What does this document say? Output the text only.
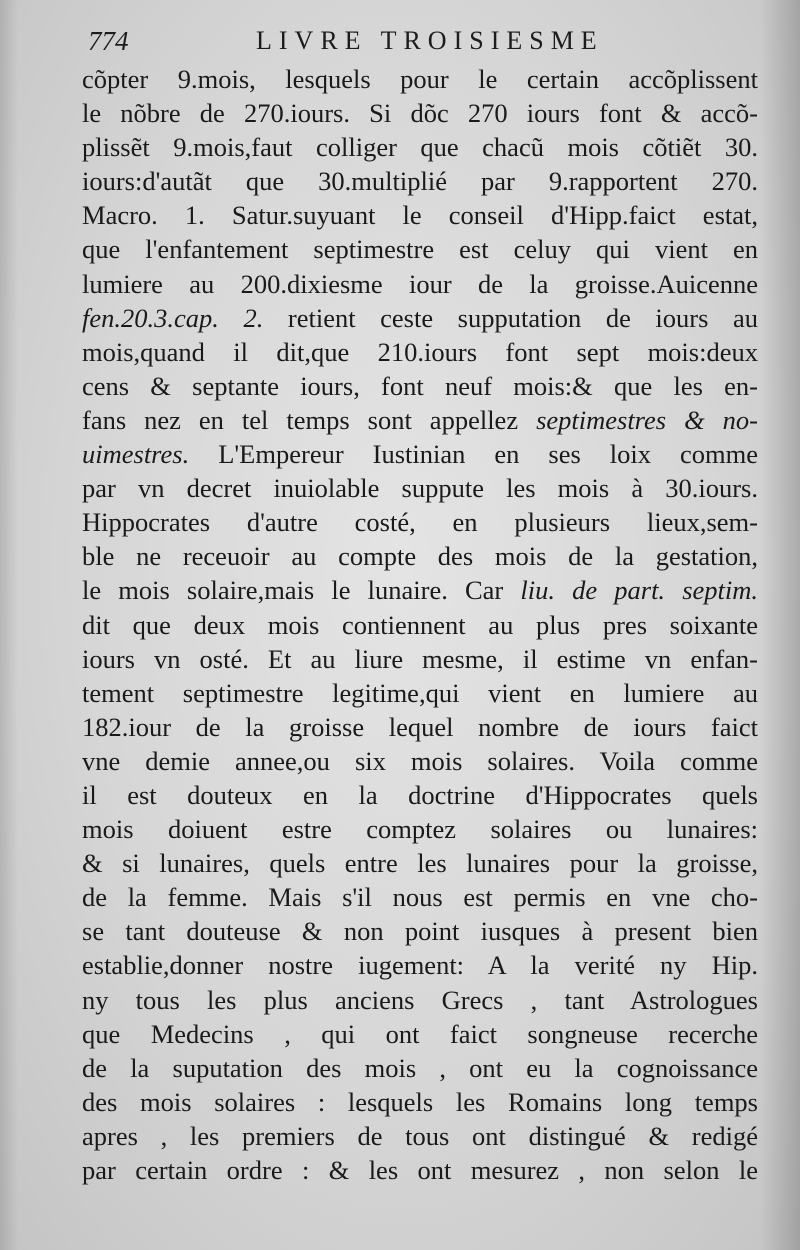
774	LIVRE TROISIESME
cõpter 9.mois, lesquels pour le certain accõplissent
le nõbre de 270.iours. Si dõc 270 iours font & accõ-
plissẽt 9.mois,faut colliger que chacũ mois cõtiẽt 30.
iours:d'autãt que 30.multiplié par 9.rapportent 270.
Macro. 1. Satur.suyuant le conseil d'Hipp.faict estat,
que l'enfantement septimestre est celuy qui vient en
lumiere au 200.dixiesme iour de la groisse.Auicenne
fen.20.3.cap. 2. retient ceste supputation de iours au
mois,quand il dit,que 210.iours font sept mois:deux
cens & septante iours, font neuf mois:& que les en-
fans nez en tel temps sont appellez septimestres & no-
uimestres. L'Empereur Iustinian en ses loix comme
par vn decret inuiolable suppute les mois à 30.iours.
Hippocrates d'autre costé, en plusieurs lieux,sem-
ble ne receuoir au compte des mois de la gestation,
le mois solaire,mais le lunaire. Car liu. de part. septim.
dit que deux mois contiennent au plus pres soixante
iours vn osté. Et au liure mesme, il estime vn enfan-
tement septimestre legitime,qui vient en lumiere au
182.iour de la groisse lequel nombre de iours faict
vne demie annee,ou six mois solaires. Voila comme
il est douteux en la doctrine d'Hippocrates quels
mois doiuent estre comptez solaires ou lunaires:
& si lunaires, quels entre les lunaires pour la groisse,
de la femme. Mais s'il nous est permis en vne cho-
se tant douteuse & non point iusques à present bien
establie,donner nostre iugement: A la verité ny Hip.
ny tous les plus anciens Grecs , tant Astrologues
que Medecins , qui ont faict songneuse recerche
de la suputation des mois , ont eu la cognoissance
des mois solaires : lesquels les Romains long temps
apres , les premiers de tous ont distingué & redigé
par certain ordre : & les ont mesurez , non selon le
